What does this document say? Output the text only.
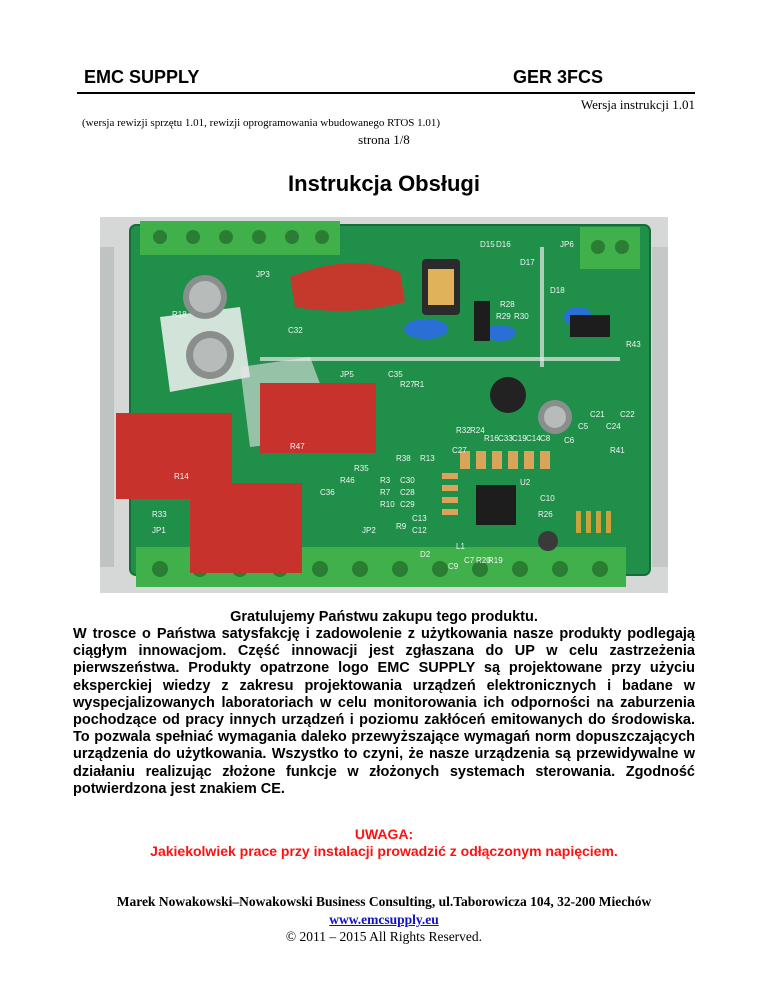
EMC SUPPLY	GER 3FCS
Wersja instrukcji 1.01
(wersja rewizji sprzętu 1.01, rewizji oprogramowania wbudowanego RTOS 1.01)
strona 1/8
Instrukcja Obsługi
JP3
JP6
D15 D16
D17
D18
R18
C32
R27
C35
R1
JP5
R32 R24
R16 C33 C19 C14 C8
C27
R47
R35
R46	R3
R7
R10
C30
C28
C29
C13
C12
R9
R38 R13
JP2
R33
JP1
C36
R14
U2
C10
R26
C9
C7 R20
R19
L1
D2
R41
C24
C21 C22
C5
C6
R28
R29 R30
R43
Gratulujemy Państwu zakupu tego produktu.
W trosce o Państwa satysfakcję i zadowolenie z użytkowania nasze produkty podlegają ciągłym innowacjom. Część innowacji jest zgłaszana do UP w celu zastrzeżenia pierwszeństwa. Produkty opatrzone logo EMC SUPPLY są projektowane przy użyciu eksperckiej wiedzy z zakresu projektowania urządzeń elektronicznych i badane w wyspecjalizowanych laboratoriach w celu monitorowania ich odporności na zaburzenia pochodzące od pracy innych urządzeń i poziomu zakłóceń emitowanych do środowiska. To pozwala spełniać wymagania daleko przewyższające wymagań norm dopuszczających urządzenia do użytkowania. Wszystko to czyni, że nasze urządzenia są przewidywalne w działaniu realizując złożone funkcje w złożonych systemach sterowania. Zgodność potwierdzona jest znakiem CE.
UWAGA:
Jakiekolwiek prace przy instalacji prowadzić z odłączonym napięciem.
Marek Nowakowski–Nowakowski Business Consulting, ul.Taborowicza 104, 32-200 Miechów
www.emcsupply.eu
© 2011 – 2015 All Rights Reserved.
